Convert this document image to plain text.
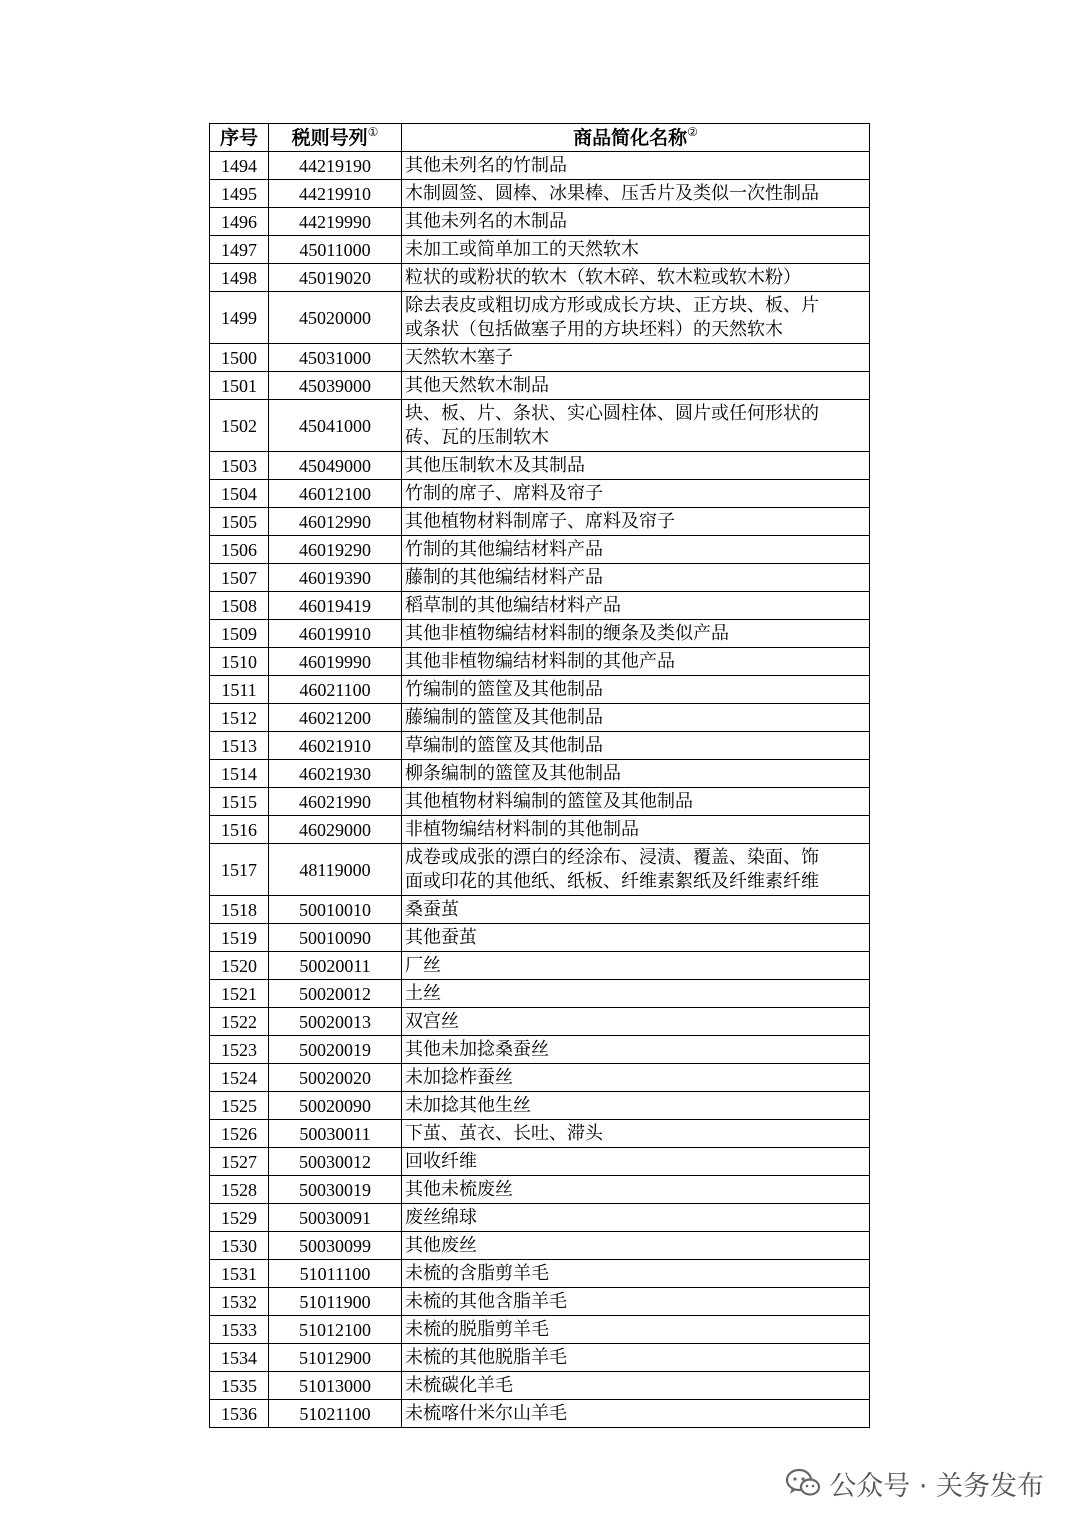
序号	税则号列①	商品简化名称②
1494	44219190	其他未列名的竹制品

1495	44219910	木制圆签、圆棒、冰果棒、压舌片及类似一次性制品

1496	44219990	其他未列名的木制品

1497	45011000	未加工或简单加工的天然软木

1498	45019020	粒状的或粉状的软木（软木碎、软木粒或软木粉）

1499	45020000	除去表皮或粗切成方形或成长方块、正方块、板、片
或条状（包括做塞子用的方块坯料）的天然软木

1500	45031000	天然软木塞子

1501	45039000	其他天然软木制品

1502	45041000	块、板、片、条状、实心圆柱体、圆片或任何形状的
砖、瓦的压制软木

1503	45049000	其他压制软木及其制品

1504	46012100	竹制的席子、席料及帘子

1505	46012990	其他植物材料制席子、席料及帘子

1506	46019290	竹制的其他编结材料产品

1507	46019390	藤制的其他编结材料产品

1508	46019419	稻草制的其他编结材料产品

1509	46019910	其他非植物编结材料制的缏条及类似产品

1510	46019990	其他非植物编结材料制的其他产品

1511	46021100	竹编制的篮筐及其他制品

1512	46021200	藤编制的篮筐及其他制品

1513	46021910	草编制的篮筐及其他制品

1514	46021930	柳条编制的篮筐及其他制品

1515	46021990	其他植物材料编制的篮筐及其他制品

1516	46029000	非植物编结材料制的其他制品

1517	48119000	成卷或成张的漂白的经涂布、浸渍、覆盖、染面、饰
面或印花的其他纸、纸板、纤维素絮纸及纤维素纤维

1518	50010010	桑蚕茧

1519	50010090	其他蚕茧

1520	50020011	厂丝

1521	50020012	土丝

1522	50020013	双宫丝

1523	50020019	其他未加捻桑蚕丝

1524	50020020	未加捻柞蚕丝

1525	50020090	未加捻其他生丝

1526	50030011	下茧、茧衣、长吐、滞头

1527	50030012	回收纤维

1528	50030019	其他未梳废丝

1529	50030091	废丝绵球

1530	50030099	其他废丝

1531	51011100	未梳的含脂剪羊毛

1532	51011900	未梳的其他含脂羊毛

1533	51012100	未梳的脱脂剪羊毛

1534	51012900	未梳的其他脱脂羊毛

1535	51013000	未梳碳化羊毛

1536	51021100	未梳喀什米尔山羊毛
公众号 · 关务发布
